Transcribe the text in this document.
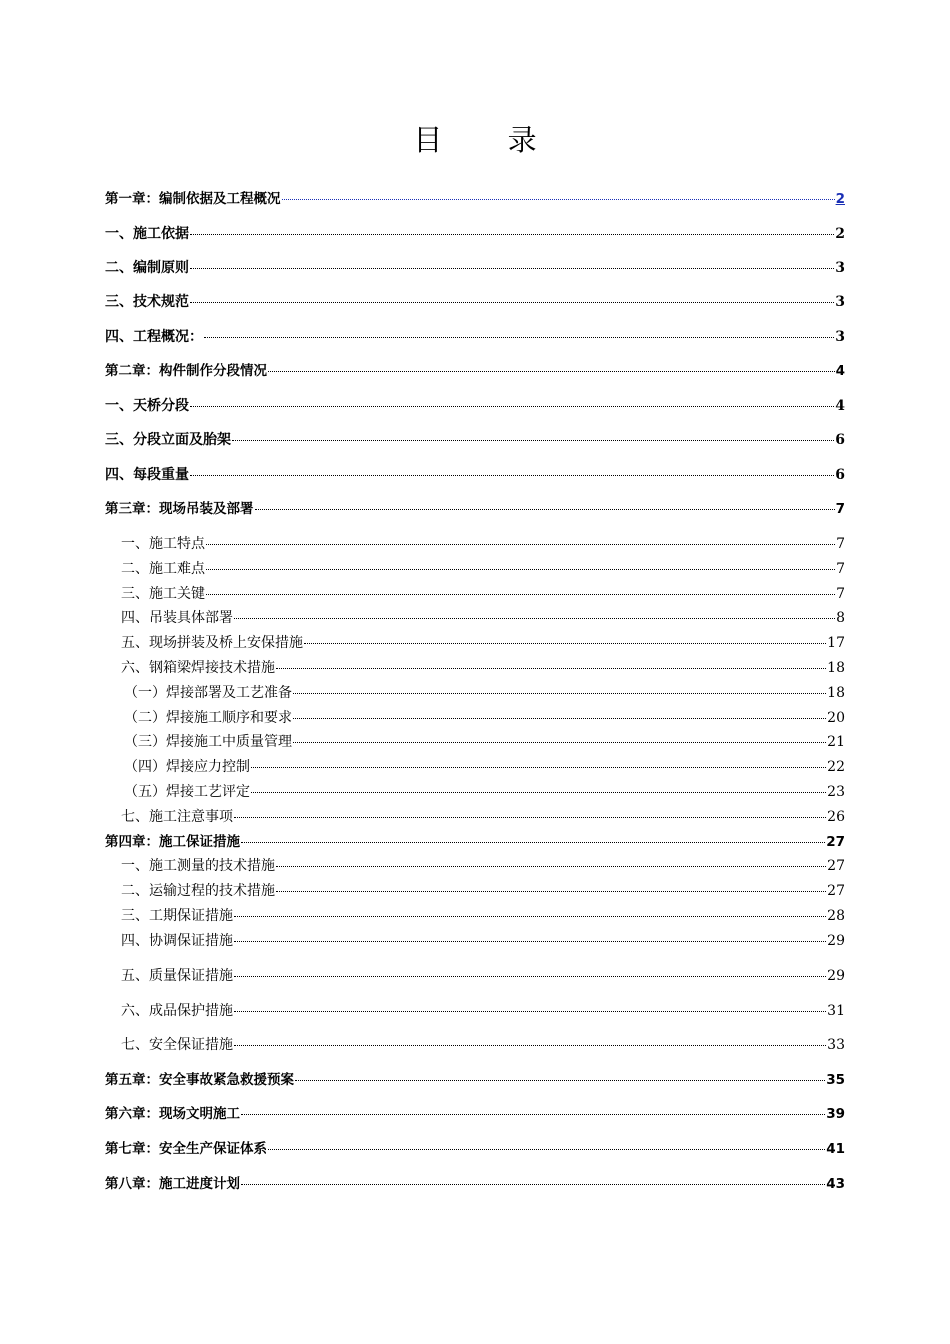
目 录
第一章：编制依据及工程概况	2
一、施工依据	2
二、编制原则	3
三、技术规范	3
四、工程概况：	3
第二章：构件制作分段情况	4
一、天桥分段	4
三、分段立面及胎架	6
四、每段重量	6
第三章：现场吊装及部署	7
一、施工特点	7
二、施工难点	7
三、施工关键	7
四、吊装具体部署	8
五、现场拼装及桥上安保措施	17
六、钢箱梁焊接技术措施	18
（一）焊接部署及工艺准备	18
（二）焊接施工顺序和要求	20
（三）焊接施工中质量管理	21
（四）焊接应力控制	22
（五）焊接工艺评定	23
七、施工注意事项	26
第四章：施工保证措施	27
一、施工测量的技术措施	27
二、运输过程的技术措施	27
三、工期保证措施	28
四、协调保证措施	29
五、质量保证措施	29
六、成品保护措施	31
七、安全保证措施	33
第五章：安全事故紧急救援预案	35
第六章：现场文明施工	39
第七章：安全生产保证体系	41
第八章：施工进度计划	43
